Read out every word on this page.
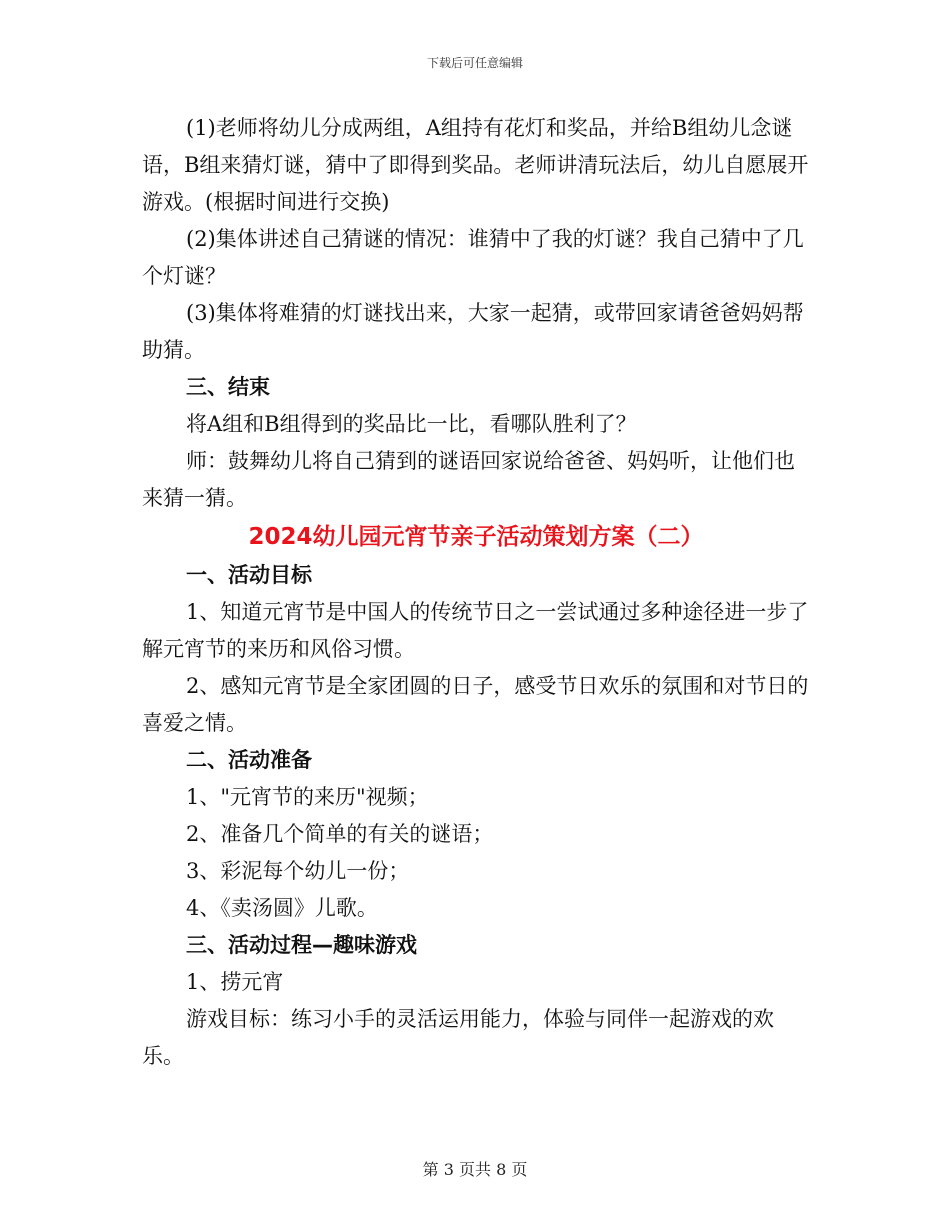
下载后可任意编辑

(1)老师将幼儿分成两组，A组持有花灯和奖品，并给B组幼儿念谜语，B组来猜灯谜，猜中了即得到奖品。老师讲清玩法后，幼儿自愿展开游戏。(根据时间进行交换)

(2)集体讲述自己猜谜的情况：谁猜中了我的灯谜？我自己猜中了几个灯谜？

(3)集体将难猜的灯谜找出来，大家一起猜，或带回家请爸爸妈妈帮助猜。

三、结束

将A组和B组得到的奖品比一比，看哪队胜利了？

师：鼓舞幼儿将自己猜到的谜语回家说给爸爸、妈妈听，让他们也来猜一猜。

2024幼儿园元宵节亲子活动策划方案（二）

一、活动目标

1、知道元宵节是中国人的传统节日之一尝试通过多种途径进一步了解元宵节的来历和风俗习惯。

2、感知元宵节是全家团圆的日子，感受节日欢乐的氛围和对节日的喜爱之情。

二、活动准备

1、"元宵节的来历"视频；

2、准备几个简单的有关的谜语；

3、彩泥每个幼儿一份；

4、《卖汤圆》儿歌。

三、活动过程—趣味游戏

1、捞元宵

游戏目标：练习小手的灵活运用能力，体验与同伴一起游戏的欢乐。

第 3 页共 8 页
